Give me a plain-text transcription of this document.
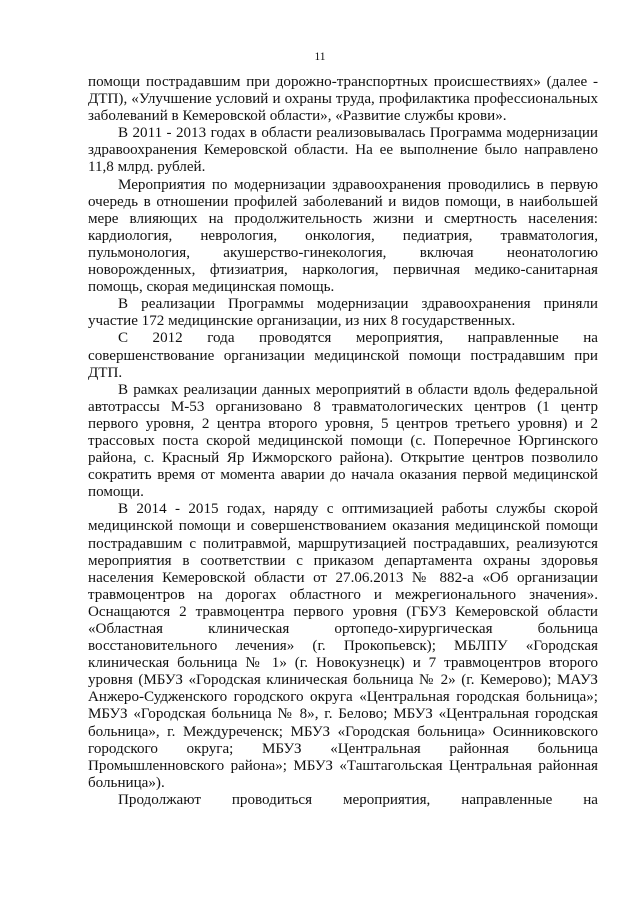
11

помощи пострадавшим при дорожно-транспортных происшествиях» (далее - ДТП), «Улучшение условий и охраны труда, профилактика профессиональных заболеваний в Кемеровской области», «Развитие службы крови».

В 2011 - 2013 годах в области реализовывалась Программа модернизации здравоохранения Кемеровской области. На ее выполнение было направлено 11,8 млрд. рублей.

Мероприятия по модернизации здравоохранения проводились в первую очередь в отношении профилей заболеваний и видов помощи, в наибольшей мере влияющих на продолжительность жизни и смертность населения: кардиология, неврология, онкология, педиатрия, травматология, пульмонология, акушерство-гинекология, включая неонатологию новорожденных, фтизиатрия, наркология, первичная медико-санитарная помощь, скорая медицинская помощь.

В реализации Программы модернизации здравоохранения приняли участие 172 медицинские организации, из них 8 государственных.

С 2012 года проводятся мероприятия, направленные на совершенствование организации медицинской помощи пострадавшим при ДТП.

В рамках реализации данных мероприятий в области вдоль федеральной автотрассы М-53 организовано 8 травматологических центров (1 центр первого уровня, 2 центра второго уровня, 5 центров третьего уровня) и 2 трассовых поста скорой медицинской помощи (с. Поперечное Юргинского района, с. Красный Яр Ижморского района). Открытие центров позволило сократить время от момента аварии до начала оказания первой медицинской помощи.

В 2014 - 2015 годах, наряду с оптимизацией работы службы скорой медицинской помощи и совершенствованием оказания медицинской помощи пострадавшим с политравмой, маршрутизацией пострадавших, реализуются мероприятия в соответствии с приказом департамента охраны здоровья населения Кемеровской области от 27.06.2013 № 882-а «Об организации травмоцентров на дорогах областного и межрегионального значения». Оснащаются 2 травмоцентра первого уровня (ГБУЗ Кемеровской области «Областная клиническая ортопедо-хирургическая больница восстановительного лечения» (г. Прокопьевск); МБЛПУ «Городская клиническая больница № 1» (г. Новокузнецк) и 7 травмоцентров второго уровня (МБУЗ «Городская клиническая больница № 2» (г. Кемерово); МАУЗ Анжеро-Судженского городского округа «Центральная городская больница»; МБУЗ «Городская больница № 8», г. Белово; МБУЗ «Центральная городская больница», г. Междуреченск; МБУЗ «Городская больница» Осинниковского городского округа; МБУЗ «Центральная районная больница Промышленновского района»; МБУЗ «Таштагольская Центральная районная больница»).

Продолжают проводиться мероприятия, направленные на
